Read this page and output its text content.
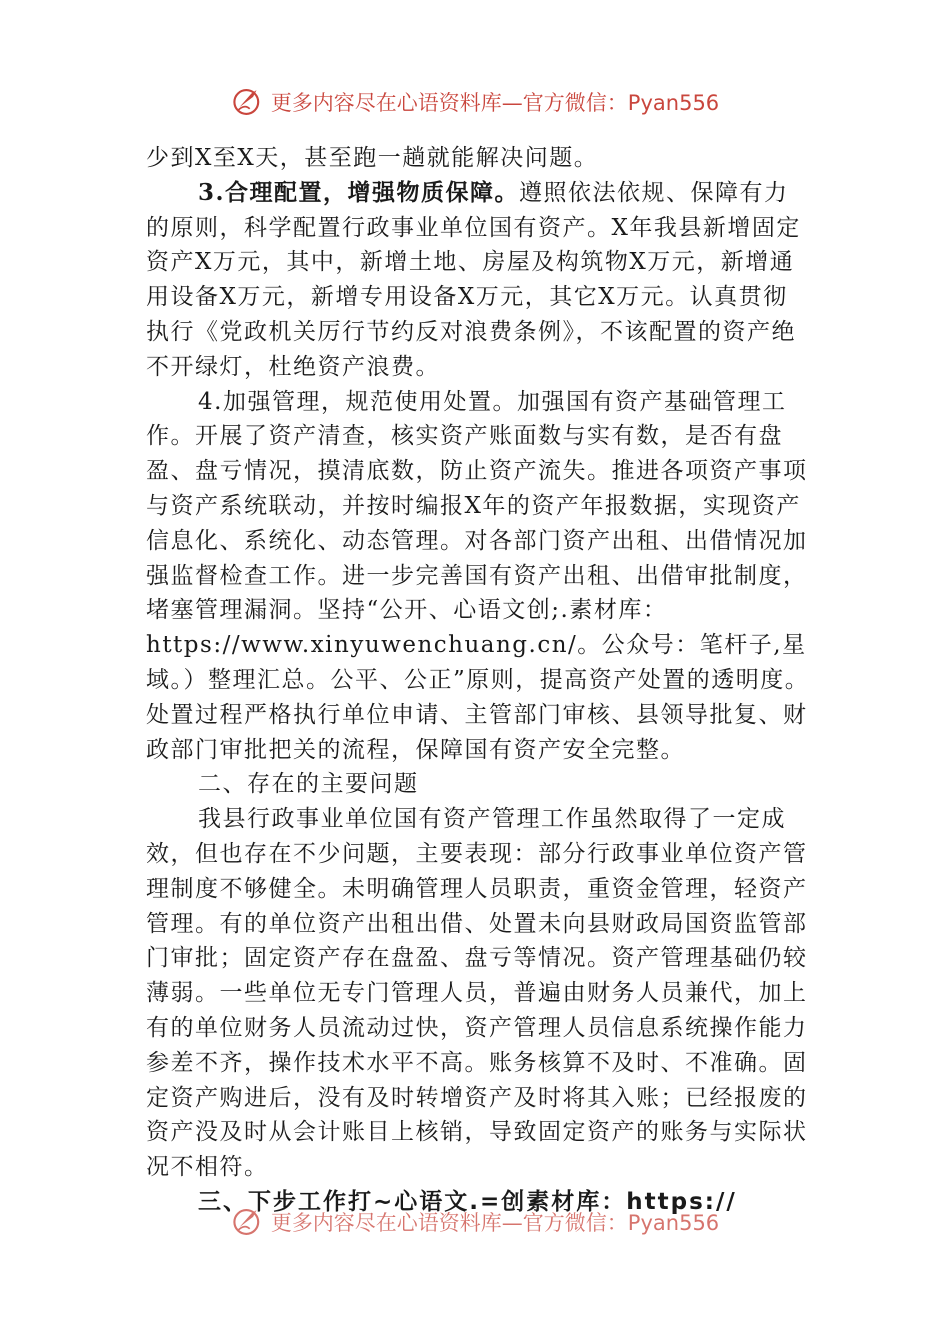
更多内容尽在心语资料库—官方微信：Pyan556

少到X至X天，甚至跑一趟就能解决问题。

3.合理配置，增强物质保障。遵照依法依规、保障有力的原则，科学配置行政事业单位国有资产。X年我县新增固定资产X万元，其中，新增土地、房屋及构筑物X万元，新增通用设备X万元，新增专用设备X万元，其它X万元。认真贯彻执行《党政机关厉行节约反对浪费条例》，不该配置的资产绝不开绿灯，杜绝资产浪费。

4.加强管理，规范使用处置。加强国有资产基础管理工作。开展了资产清查，核实资产账面数与实有数，是否有盘盈、盘亏情况，摸清底数，防止资产流失。推进各项资产事项与资产系统联动，并按时编报X年的资产年报数据，实现资产信息化、系统化、动态管理。对各部门资产出租、出借情况加强监督检查工作。进一步完善国有资产出租、出借审批制度，堵塞管理漏洞。坚持“公开、心语文创;.素材库：https://www.xinyuwenchuang.cn/。公众号：笔杆子,星域。）整理汇总。公平、公正”原则，提高资产处置的透明度。处置过程严格执行单位申请、主管部门审核、县领导批复、财政部门审批把关的流程，保障国有资产安全完整。

二、存在的主要问题

我县行政事业单位国有资产管理工作虽然取得了一定成效，但也存在不少问题，主要表现：部分行政事业单位资产管理制度不够健全。未明确管理人员职责，重资金管理，轻资产管理。有的单位资产出租出借、处置未向县财政局国资监管部门审批；固定资产存在盘盈、盘亏等情况。资产管理基础仍较薄弱。一些单位无专门管理人员，普遍由财务人员兼代，加上有的单位财务人员流动过快，资产管理人员信息系统操作能力参差不齐，操作技术水平不高。账务核算不及时、不准确。固定资产购进后，没有及时转增资产及时将其入账；已经报废的资产没及时从会计账目上核销，导致固定资产的账务与实际状况不相符。

三、下步工作打~心语文.=创素材库：https://
更多内容尽在心语资料库—官方微信：Pyan556
